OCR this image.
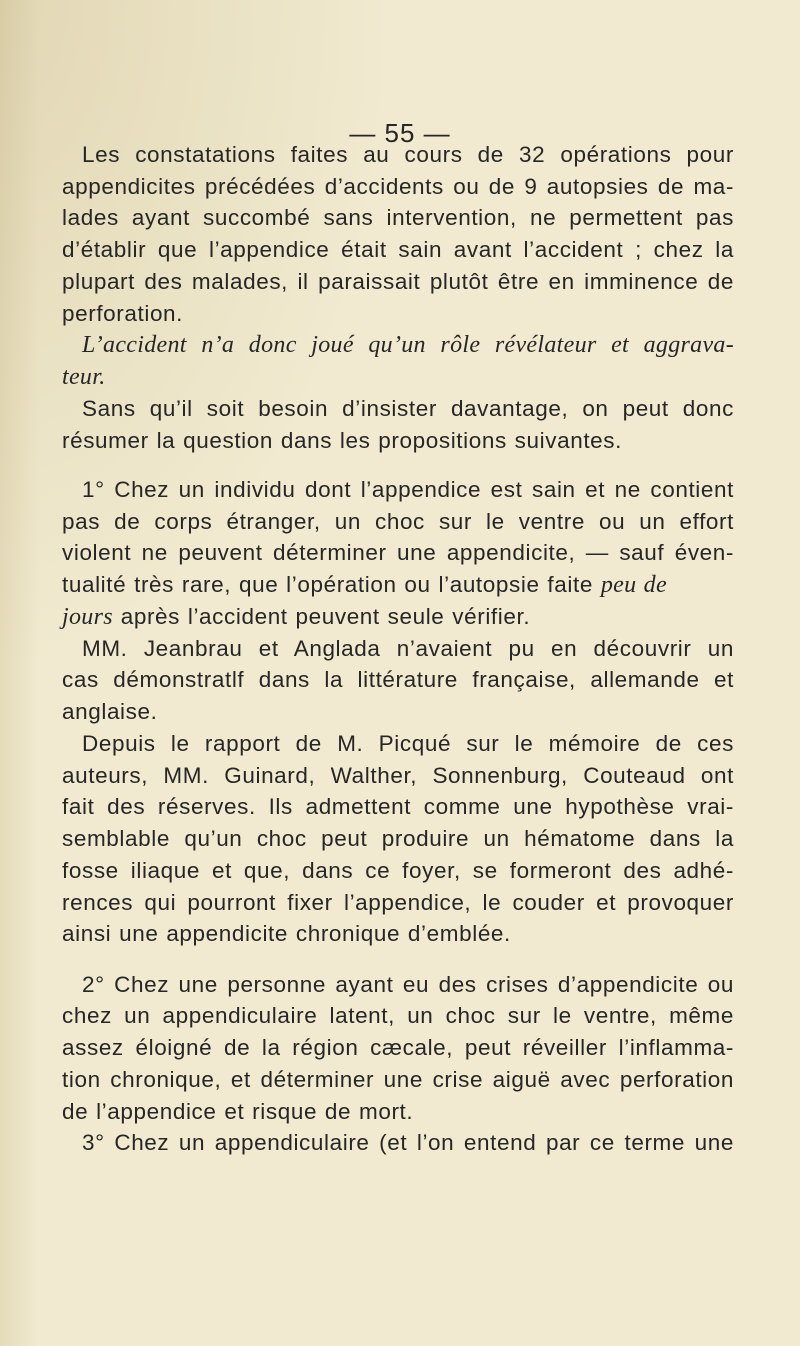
— 55 —
Les constatations faites au cours de 32 opérations pour
appendicites précédées d’accidents ou de 9 autopsies de ma-
lades ayant succombé sans intervention, ne permettent pas
d’établir que l’appendice était sain avant l’accident ; chez la
plupart des malades, il paraissait plutôt être en imminence de
perforation.
L’accident n’a donc joué qu’un rôle révélateur et aggrava-
teur.
Sans qu’il soit besoin d’insister davantage, on peut donc
résumer la question dans les propositions suivantes.
1° Chez un individu dont l’appendice est sain et ne contient
pas de corps étranger, un choc sur le ventre ou un effort
violent ne peuvent déterminer une appendicite, — sauf éven-
tualité très rare, que l’opération ou l’autopsie faite peu de
jours après l’accident peuvent seule vérifier.
MM. Jeanbrau et Anglada n’avaient pu en découvrir un
cas démonstratlf dans la littérature française, allemande et
anglaise.
Depuis le rapport de M. Picqué sur le mémoire de ces
auteurs, MM. Guinard, Walther, Sonnenburg, Couteaud ont
fait des réserves. Ils admettent comme une hypothèse vrai-
semblable qu’un choc peut produire un hématome dans la
fosse iliaque et que, dans ce foyer, se formeront des adhé-
rences qui pourront fixer l’appendice, le couder et provoquer
ainsi une appendicite chronique d’emblée.
2° Chez une personne ayant eu des crises d’appendicite ou
chez un appendiculaire latent, un choc sur le ventre, même
assez éloigné de la région cæcale, peut réveiller l’inflamma-
tion chronique, et déterminer une crise aiguë avec perforation
de l’appendice et risque de mort.
3° Chez un appendiculaire (et l’on entend par ce terme une
